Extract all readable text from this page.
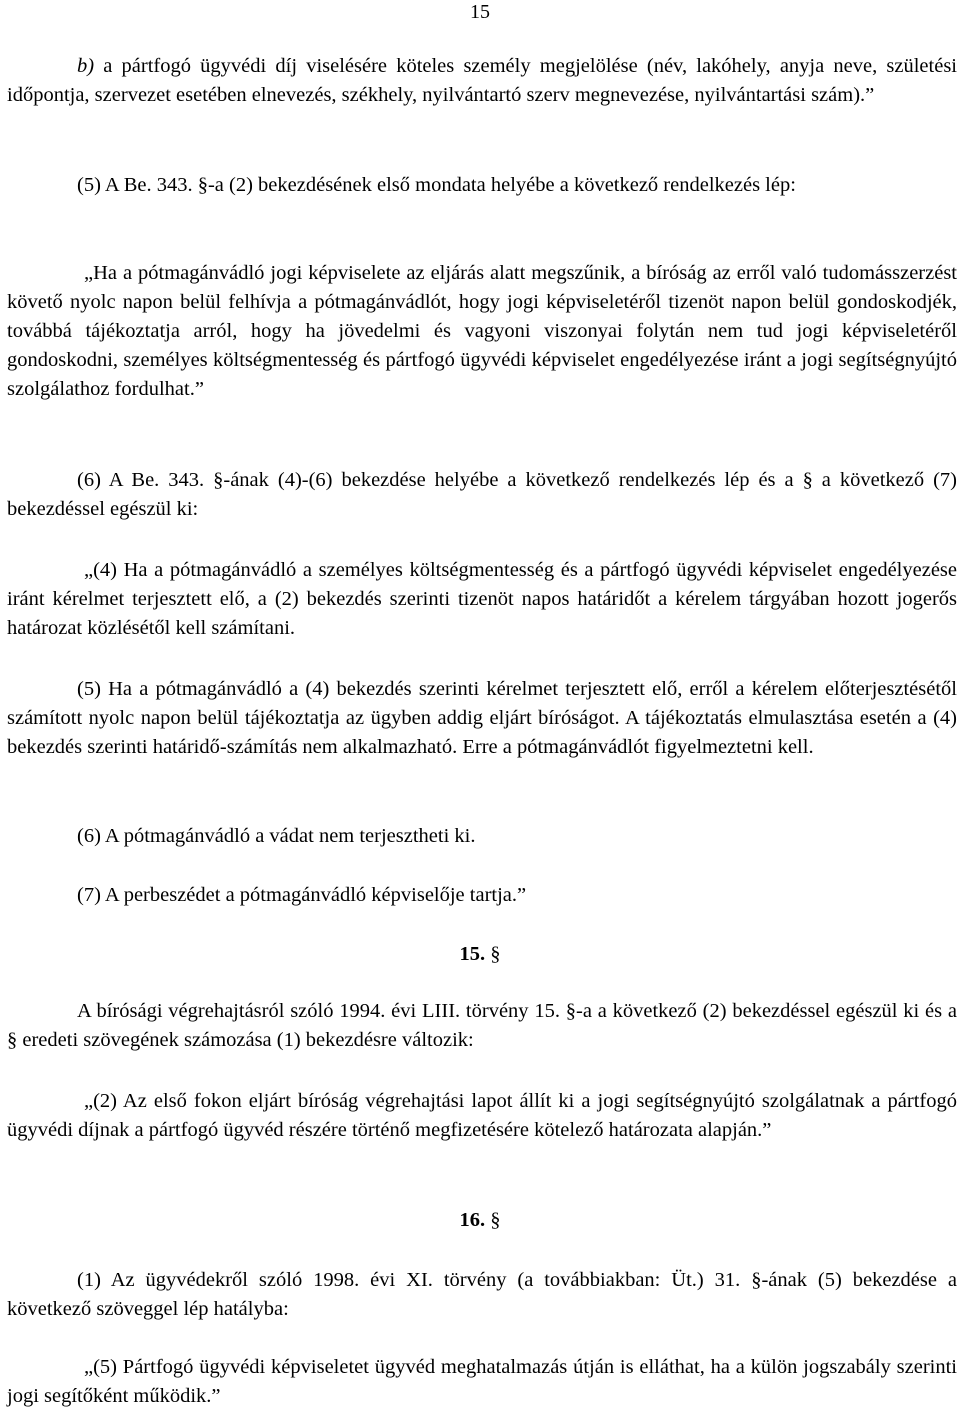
15

b) a pártfogó ügyvédi díj viselésére köteles személy megjelölése (név, lakóhely, anyja neve, születési időpontja, szervezet esetében elnevezés, székhely, nyilvántartó szerv megnevezése, nyilvántartási szám).”

(5) A Be. 343. §-a (2) bekezdésének első mondata helyébe a következő rendelkezés lép:

„Ha a pótmagánvádló jogi képviselete az eljárás alatt megszűnik, a bíróság az erről való tudomásszerzést követő nyolc napon belül felhívja a pótmagánvádlót, hogy jogi képviseletéről tizenöt napon belül gondoskodjék, továbbá tájékoztatja arról, hogy ha jövedelmi és vagyoni viszonyai folytán nem tud jogi képviseletéről gondoskodni, személyes költségmentesség és pártfogó ügyvédi képviselet engedélyezése iránt a jogi segítségnyújtó szolgálathoz fordulhat.”

(6) A Be. 343. §-ának (4)-(6) bekezdése helyébe a következő rendelkezés lép és a § a következő (7) bekezdéssel egészül ki:

„(4) Ha a pótmagánvádló a személyes költségmentesség és a pártfogó ügyvédi képviselet engedélyezése iránt kérelmet terjesztett elő, a (2) bekezdés szerinti tizenöt napos határidőt a kérelem tárgyában hozott jogerős határozat közlésétől kell számítani.

(5) Ha a pótmagánvádló a (4) bekezdés szerinti kérelmet terjesztett elő, erről a kérelem előterjesztésétől számított nyolc napon belül tájékoztatja az ügyben addig eljárt bíróságot. A tájékoztatás elmulasztása esetén a (4) bekezdés szerinti határidő-számítás nem alkalmazható. Erre a pótmagánvádlót figyelmeztetni kell.

(6) A pótmagánvádló a vádat nem terjesztheti ki.

(7) A perbeszédet a pótmagánvádló képviselője tartja.”

15. §

A bírósági végrehajtásról szóló 1994. évi LIII. törvény 15. §-a a következő (2) bekezdéssel egészül ki és a § eredeti szövegének számozása (1) bekezdésre változik:

„(2) Az első fokon eljárt bíróság végrehajtási lapot állít ki a jogi segítségnyújtó szolgálatnak a pártfogó ügyvédi díjnak a pártfogó ügyvéd részére történő megfizetésére kötelező határozata alapján.”

16. §

(1) Az ügyvédekről szóló 1998. évi XI. törvény (a továbbiakban: Üt.) 31. §-ának (5) bekezdése a következő szöveggel lép hatályba:

„(5) Pártfogó ügyvédi képviseletet ügyvéd meghatalmazás útján is elláthat, ha a külön jogszabály szerinti jogi segítőként működik.”
